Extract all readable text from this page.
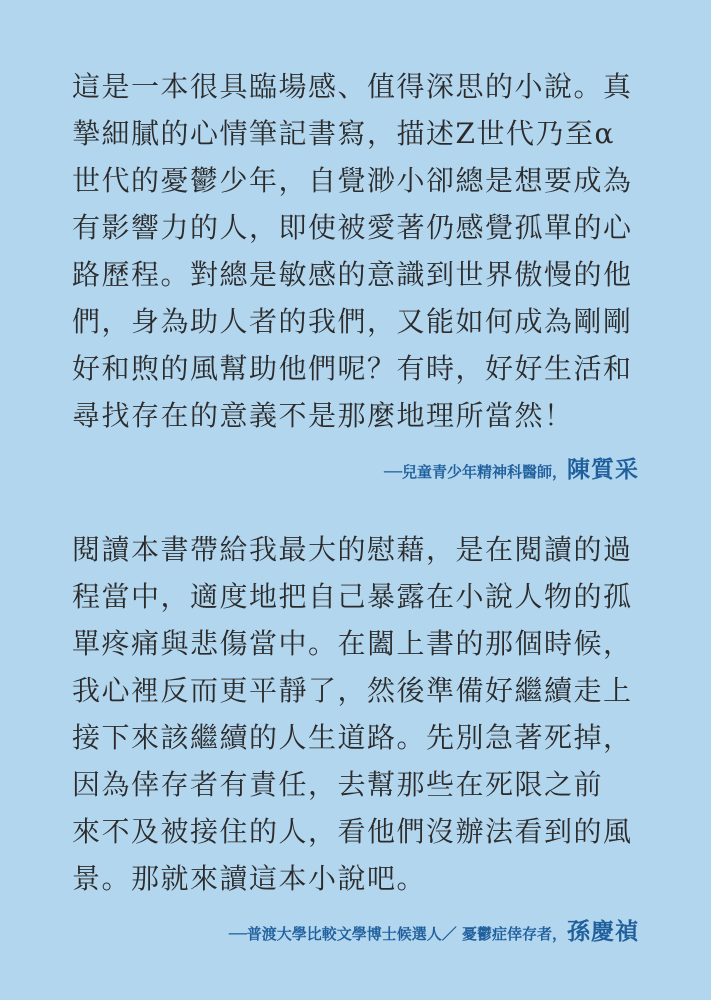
這是一本很具臨場感、值得深思的小說。真
摯細膩的心情筆記書寫，描述Z世代乃至α
世代的憂鬱少年，自覺渺小卻總是想要成為
有影響力的人，即使被愛著仍感覺孤單的心
路歷程。對總是敏感的意識到世界傲慢的他
們，身為助人者的我們，又能如何成為剛剛
好和煦的風幫助他們呢？有時，好好生活和
尋找存在的意義不是那麼地理所當然！
──兒童青少年精神科醫師，陳質采
閱讀本書帶給我最大的慰藉，是在閱讀的過
程當中，適度地把自己暴露在小說人物的孤
單疼痛與悲傷當中。在闔上書的那個時候，
我心裡反而更平靜了，然後準備好繼續走上
接下來該繼續的人生道路。先別急著死掉，
因為倖存者有責任，去幫那些在死限之前
來不及被接住的人，看他們沒辦法看到的風
景。那就來讀這本小說吧。
──普渡大學比較文學博士候選人／ 憂鬱症倖存者，孫慶禎
